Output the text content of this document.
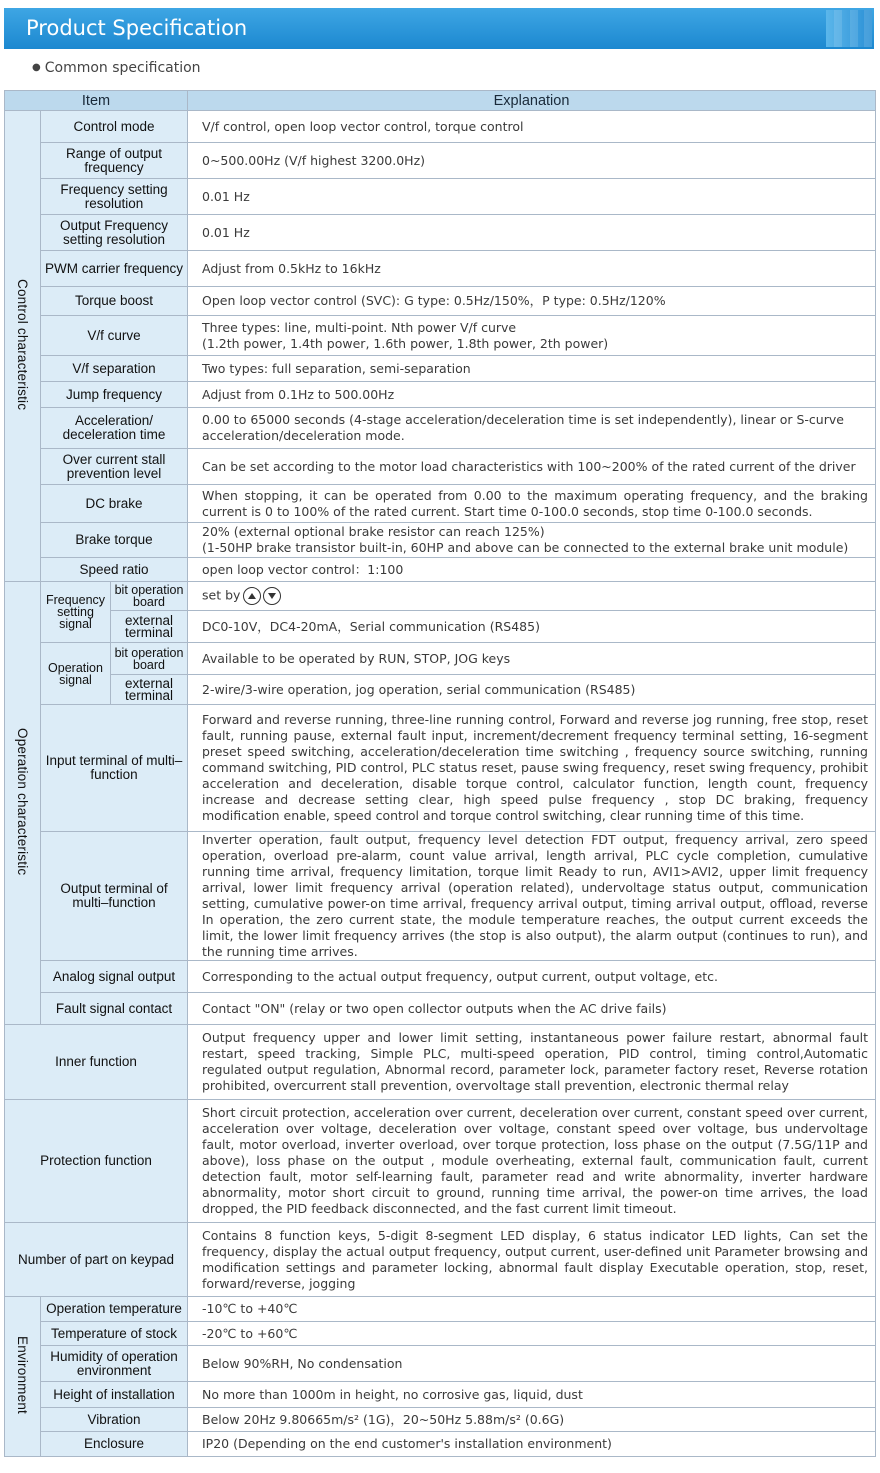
Product Specification
● Common specification
Item			Explanation
Control characteristic	Control mode		V/f control, open loop vector control, torque control
	Range of output frequency		0~500.00Hz (V/f highest 3200.0Hz)
	Frequency setting resolution		0.01 Hz
	Output Frequency setting resolution		0.01 Hz
	PWM carrier frequency		Adjust from 0.5kHz to 16kHz
	Torque boost		Open loop vector control (SVC): G type: 0.5Hz/150%，P type: 0.5Hz/120%
	V/f curve		Three types: line, multi-point. Nth power V/f curve
(1.2th power, 1.4th power, 1.6th power, 1.8th power, 2th power)

	V/f separation		Two types: full separation, semi-separation
	Jump frequency		Adjust from 0.1Hz to 500.00Hz
	Acceleration/ deceleration time		0.00 to 65000 seconds (4-stage acceleration/deceleration time is set independently), linear or S-curve acceleration/deceleration mode.
	Over current stall prevention level		Can be set according to the motor load characteristics with 100~200% of the rated current of the driver
	DC brake		When stopping, it can be operated from 0.00 to the maximum operating frequency, and the braking current is 0 to 100% of the rated current. Start time 0-100.0 seconds, stop time 0-100.0 seconds.
	Brake torque		20% (external optional brake resistor can reach 125%)
(1-50HP brake transistor built-in, 60HP and above can be connected to the external brake unit module)

	Speed ratio		open loop vector control：1:100
Operation characteristic	Frequency setting signal	bit operation board	set by

		external terminal	DC0-10V，DC4-20mA，Serial communication (RS485)
	Operation signal	bit operation board	Available to be operated by RUN, STOP, JOG keys
		external terminal	2-wire/3-wire operation, jog operation, serial communication (RS485)
	Input terminal of multi–function		Forward and reverse running, three-line running control, Forward and reverse jog running, free stop, reset fault, running pause, external fault input, increment/decrement frequency terminal setting, 16-segment preset speed switching, acceleration/deceleration time switching , frequency source switching, running command switching, PID control, PLC status reset, pause swing frequency, reset swing frequency, prohibit acceleration and deceleration, disable torque control, calculator function, length count, frequency increase and decrease setting clear, high speed pulse frequency , stop DC braking, frequency modification enable, speed control and torque control switching, clear running time of this time.
	Output terminal of multi–function		Inverter operation, fault output, frequency level detection FDT output, frequency arrival, zero speed operation, overload pre-alarm, count value arrival, length arrival, PLC cycle completion, cumulative running time arrival, frequency limitation, torque limit Ready to run, AVI1>AVI2, upper limit frequency arrival, lower limit frequency arrival (operation related), undervoltage status output, communication setting, cumulative power-on time arrival, frequency arrival output, timing arrival output, offload, reverse In operation, the zero current state, the module temperature reaches, the output current exceeds the limit, the lower limit frequency arrives (the stop is also output), the alarm output (continues to run), and the running time arrives.
	Analog signal output		Corresponding to the actual output frequency, output current, output voltage, etc.
	Fault signal contact		Contact "ON" (relay or two open collector outputs when the AC drive fails)
Inner function			Output frequency upper and lower limit setting, instantaneous power failure restart, abnormal fault restart, speed tracking, Simple PLC, multi-speed operation, PID control, timing control,Automatic regulated output regulation, Abnormal record, parameter lock, parameter factory reset, Reverse rotation prohibited, overcurrent stall prevention, overvoltage stall prevention, electronic thermal relay
Protection function			Short circuit protection, acceleration over current, deceleration over current, constant speed over current, acceleration over voltage, deceleration over voltage, constant speed over voltage, bus undervoltage fault, motor overload, inverter overload, over torque protection, loss phase on the output (7.5G/11P and above), loss phase on the output , module overheating, external fault, communication fault, current detection fault, motor self-learning fault, parameter read and write abnormality, inverter hardware abnormality, motor short circuit to ground, running time arrival, the power-on time arrives, the load dropped, the PID feedback disconnected, and the fast current limit timeout.
Number of part on keypad			Contains 8 function keys, 5-digit 8-segment LED display, 6 status indicator LED lights, Can set the frequency, display the actual output frequency, output current, user-defined unit Parameter browsing and modification settings and parameter locking, abnormal fault display Executable operation, stop, reset, forward/reverse, jogging
Environment	Operation temperature		-10℃ to +40℃
	Temperature of stock		-20℃ to +60℃
	Humidity of operation environment		Below 90%RH, No condensation
	Height of installation		No more than 1000m in height, no corrosive gas, liquid, dust
	Vibration		Below 20Hz 9.80665m/s² (1G)，20~50Hz 5.88m/s² (0.6G)
	Enclosure		IP20 (Depending on the end customer's installation environment)
